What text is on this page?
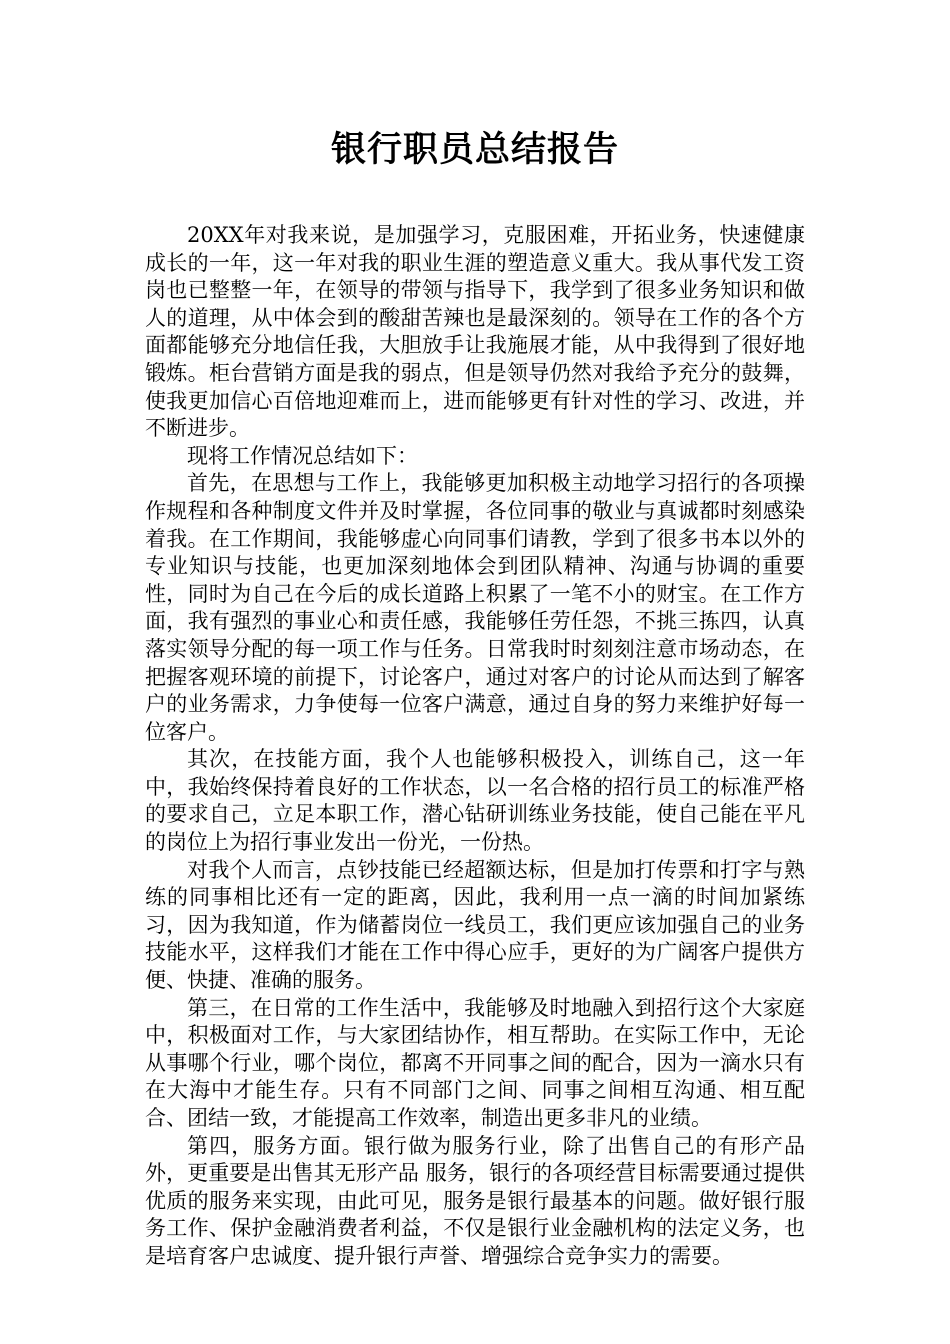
银行职员总结报告

20XX年对我来说，是加强学习，克服困难，开拓业务，快速健康成长的一年，这一年对我的职业生涯的塑造意义重大。我从事代发工资岗也已整整一年，在领导的带领与指导下，我学到了很多业务知识和做人的道理，从中体会到的酸甜苦辣也是最深刻的。领导在工作的各个方面都能够充分地信任我，大胆放手让我施展才能，从中我得到了很好地锻炼。柜台营销方面是我的弱点，但是领导仍然对我给予充分的鼓舞，使我更加信心百倍地迎难而上，进而能够更有针对性的学习、改进，并不断进步。

现将工作情况总结如下：

首先，在思想与工作上，我能够更加积极主动地学习招行的各项操作规程和各种制度文件并及时掌握，各位同事的敬业与真诚都时刻感染着我。在工作期间，我能够虚心向同事们请教，学到了很多书本以外的专业知识与技能，也更加深刻地体会到团队精神、沟通与协调的重要性，同时为自己在今后的成长道路上积累了一笔不小的财宝。在工作方面，我有强烈的事业心和责任感，我能够任劳任怨，不挑三拣四，认真落实领导分配的每一项工作与任务。日常我时时刻刻注意市场动态，在把握客观环境的前提下，讨论客户，通过对客户的讨论从而达到了解客户的业务需求，力争使每一位客户满意，通过自身的努力来维护好每一位客户。

其次，在技能方面，我个人也能够积极投入，训练自己，这一年中，我始终保持着良好的工作状态，以一名合格的招行员工的标准严格的要求自己，立足本职工作，潜心钻研训练业务技能，使自己能在平凡的岗位上为招行事业发出一份光，一份热。

对我个人而言，点钞技能已经超额达标，但是加打传票和打字与熟练的同事相比还有一定的距离，因此，我利用一点一滴的时间加紧练习，因为我知道，作为储蓄岗位一线员工，我们更应该加强自己的业务技能水平，这样我们才能在工作中得心应手，更好的为广阔客户提供方便、快捷、准确的服务。

第三，在日常的工作生活中，我能够及时地融入到招行这个大家庭中，积极面对工作，与大家团结协作，相互帮助。在实际工作中，无论从事哪个行业，哪个岗位，都离不开同事之间的配合，因为一滴水只有在大海中才能生存。只有不同部门之间、同事之间相互沟通、相互配合、团结一致，才能提高工作效率，制造出更多非凡的业绩。

第四，服务方面。银行做为服务行业，除了出售自己的有形产品外，更重要是出售其无形产品 服务，银行的各项经营目标需要通过提供优质的服务来实现，由此可见，服务是银行最基本的问题。做好银行服务工作、保护金融消费者利益，不仅是银行业金融机构的法定义务，也是培育客户忠诚度、提升银行声誉、增强综合竞争实力的需要。
